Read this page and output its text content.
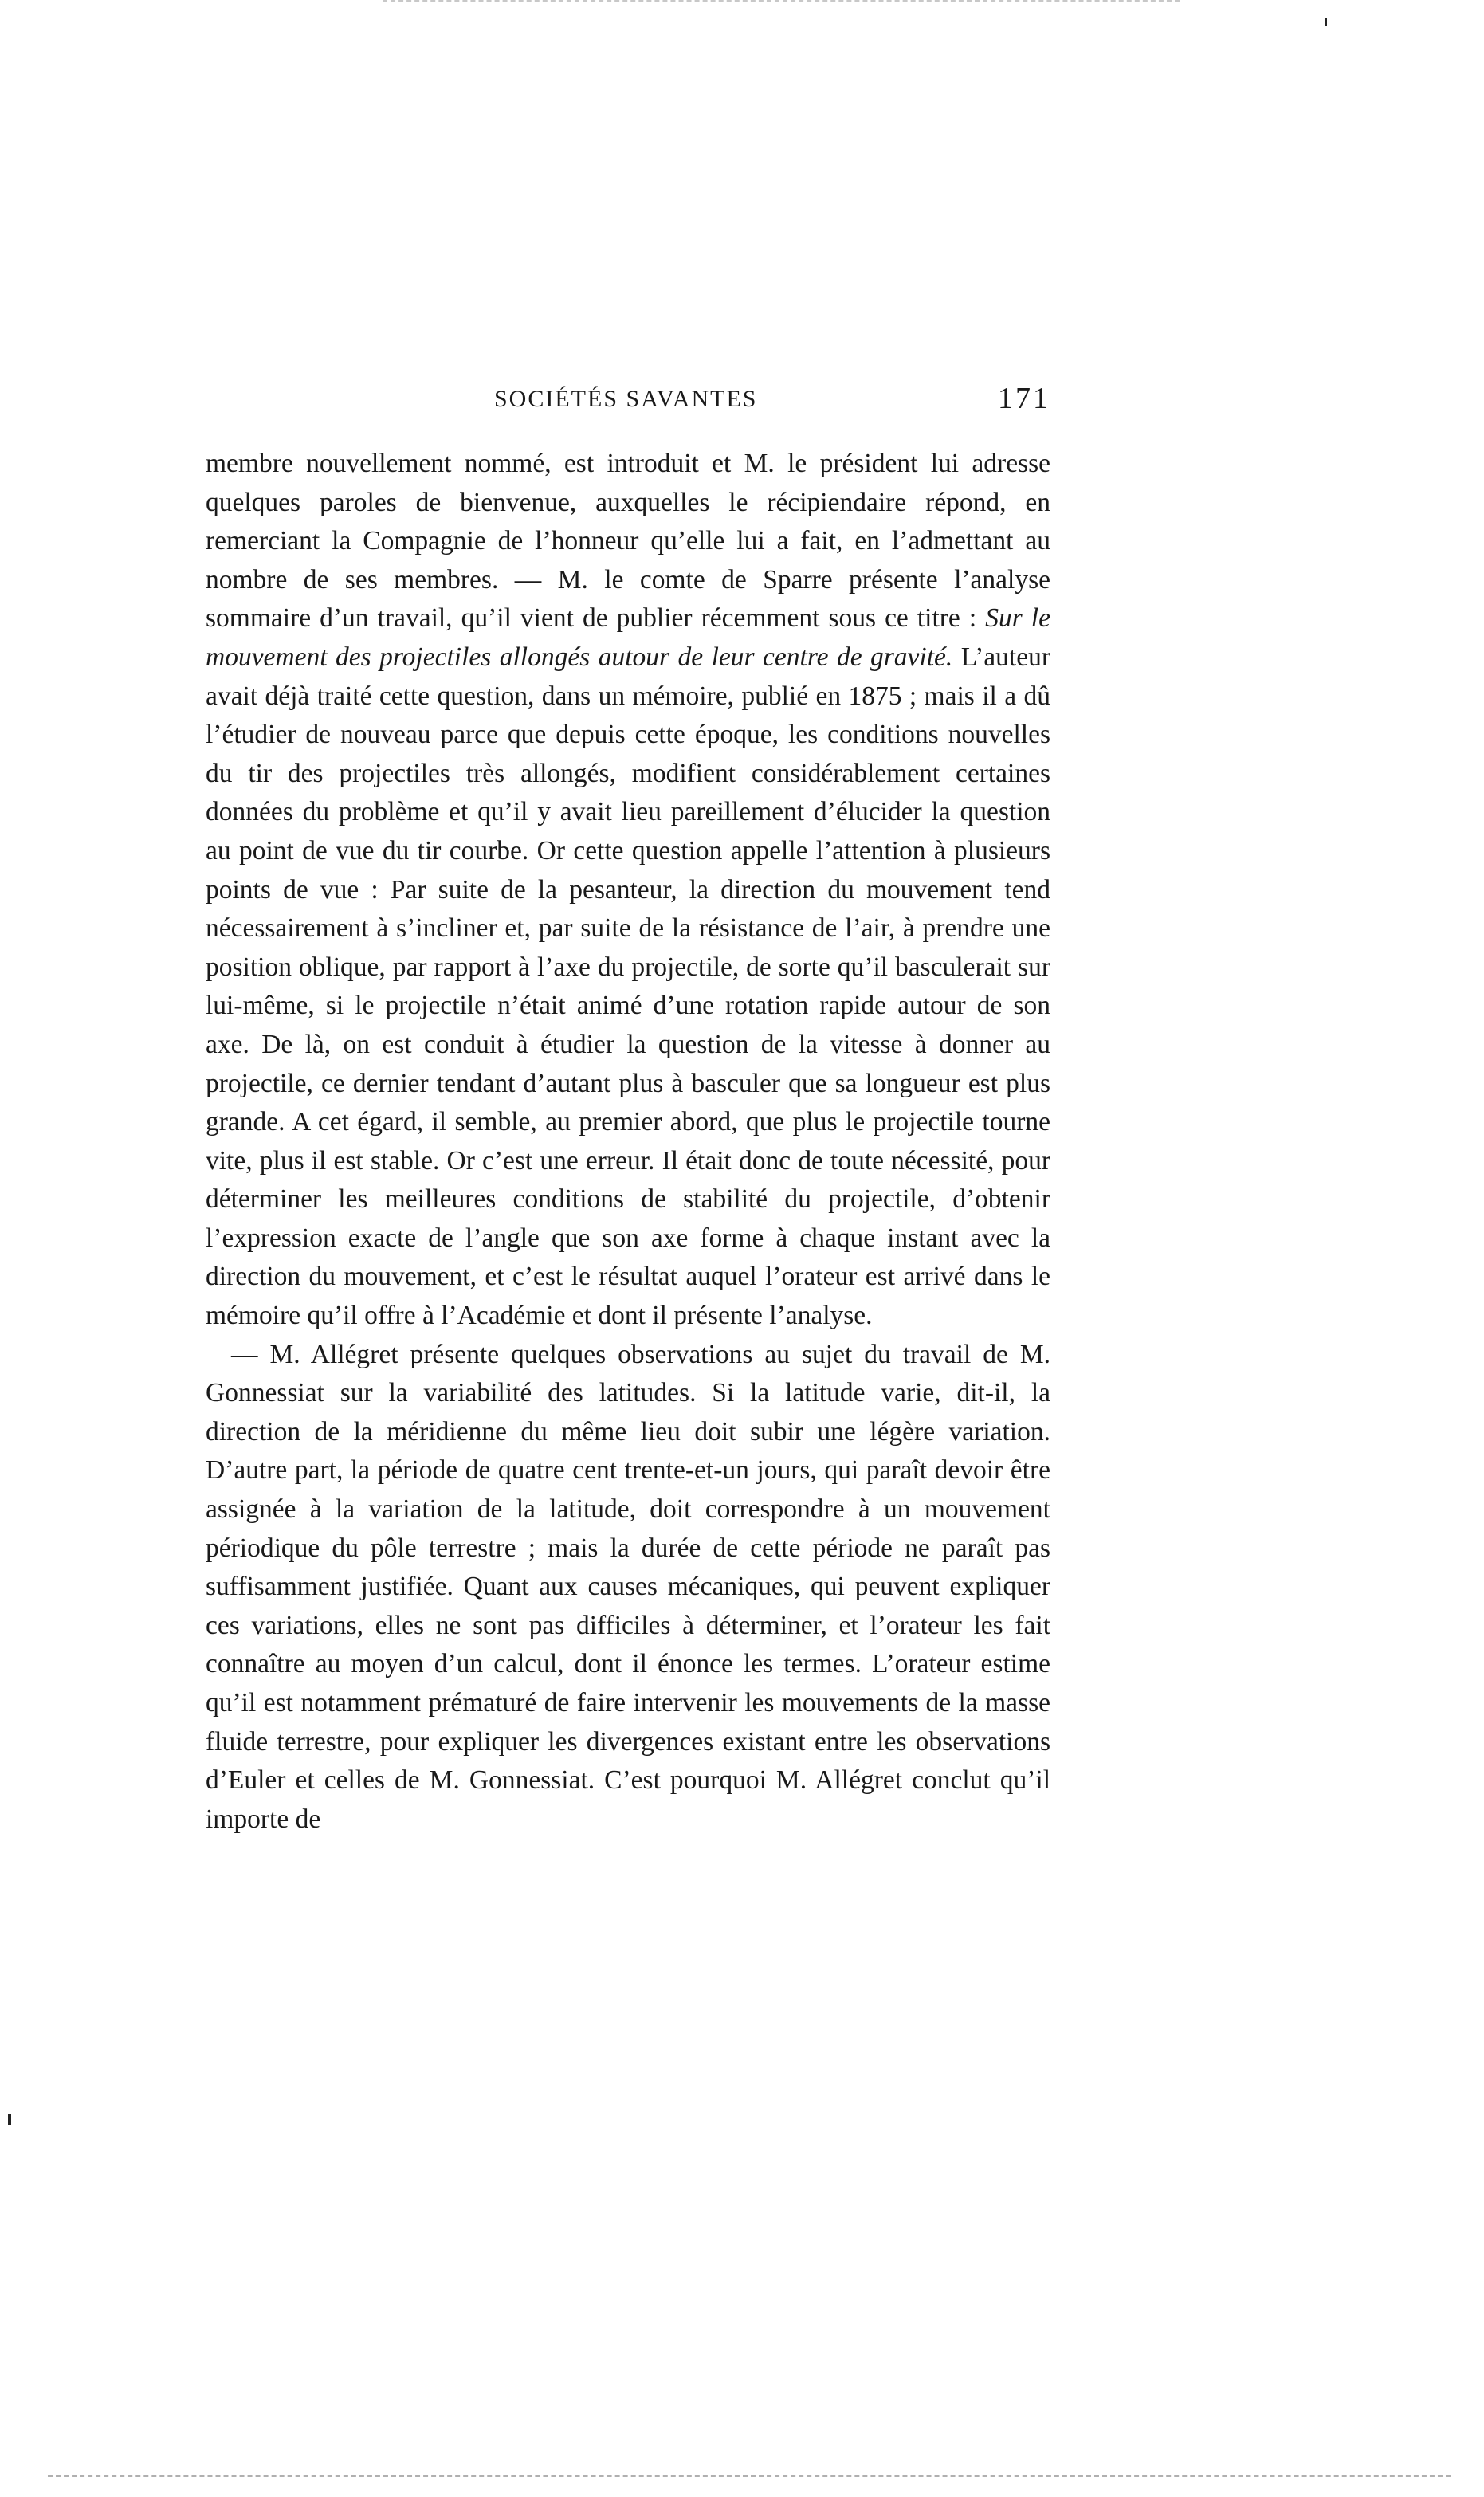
SOCIÉTÉS SAVANTES	171

membre nouvellement nommé, est introduit et M. le président lui adresse quelques paroles de bienvenue, auxquelles le récipiendaire répond, en remerciant la Compagnie de l’honneur qu’elle lui a fait, en l’admettant au nombre de ses membres. — M. le comte de Sparre présente l’analyse sommaire d’un travail, qu’il vient de publier récemment sous ce titre : Sur le mouvement des projectiles allongés autour de leur centre de gravité. L’auteur avait déjà traité cette question, dans un mémoire, publié en 1875 ; mais il a dû l’étudier de nouveau parce que depuis cette époque, les conditions nouvelles du tir des projectiles très allongés, modifient considérablement certaines données du problème et qu’il y avait lieu pareillement d’élucider la question au point de vue du tir courbe. Or cette question appelle l’attention à plusieurs points de vue : Par suite de la pesanteur, la direction du mouvement tend nécessairement à s’incliner et, par suite de la résistance de l’air, à prendre une position oblique, par rapport à l’axe du projectile, de sorte qu’il basculerait sur lui-même, si le projectile n’était animé d’une rotation rapide autour de son axe. De là, on est conduit à étudier la question de la vitesse à donner au projectile, ce dernier tendant d’autant plus à basculer que sa longueur est plus grande. A cet égard, il semble, au premier abord, que plus le projectile tourne vite, plus il est stable. Or c’est une erreur. Il était donc de toute nécessité, pour déterminer les meilleures conditions de stabilité du projectile, d’obtenir l’expression exacte de l’angle que son axe forme à chaque instant avec la direction du mouvement, et c’est le résultat auquel l’orateur est arrivé dans le mémoire qu’il offre à l’Académie et dont il présente l’analyse.

— M. Allégret présente quelques observations au sujet du travail de M. Gonnessiat sur la variabilité des latitudes. Si la latitude varie, dit-il, la direction de la méridienne du même lieu doit subir une légère variation. D’autre part, la période de quatre cent trente-et-un jours, qui paraît devoir être assignée à la variation de la latitude, doit correspondre à un mouvement périodique du pôle terrestre ; mais la durée de cette période ne paraît pas suffisamment justifiée. Quant aux causes mécaniques, qui peuvent expliquer ces variations, elles ne sont pas difficiles à déterminer, et l’orateur les fait connaître au moyen d’un calcul, dont il énonce les termes. L’orateur estime qu’il est notamment prématuré de faire intervenir les mouvements de la masse fluide terrestre, pour expliquer les divergences existant entre les observations d’Euler et celles de M. Gonnessiat. C’est pourquoi M. Allégret conclut qu’il importe de
